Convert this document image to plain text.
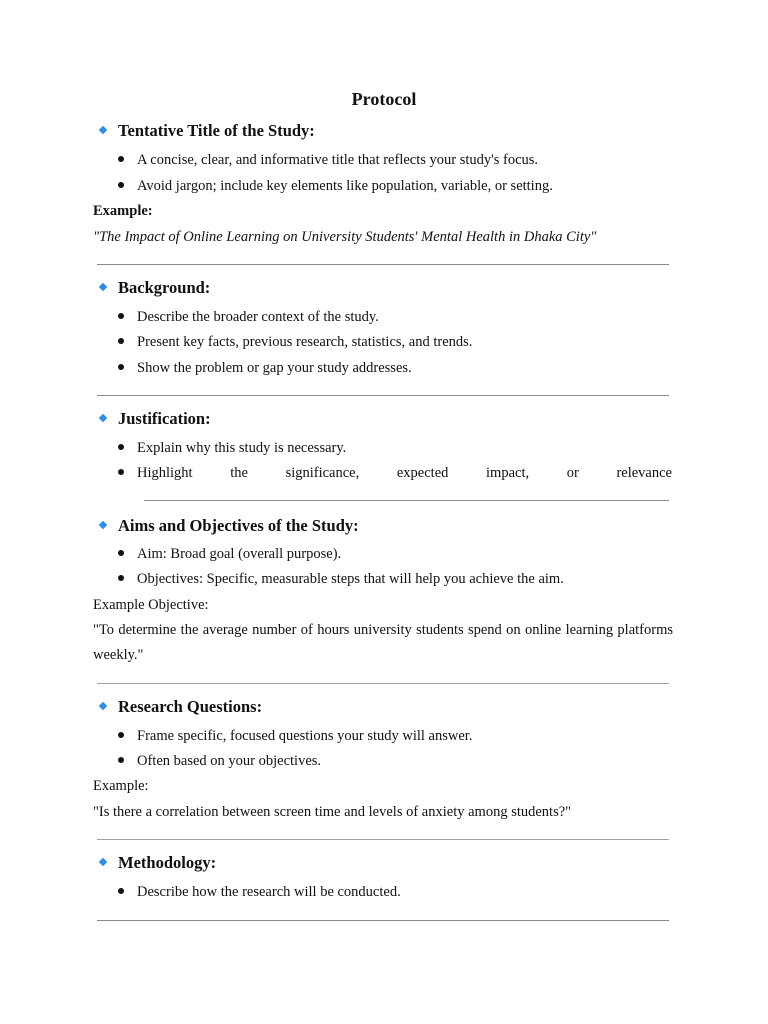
Protocol
Tentative Title of the Study:
A concise, clear, and informative title that reflects your study's focus.
Avoid jargon; include key elements like population, variable, or setting.
Example:
"The Impact of Online Learning on University Students' Mental Health in Dhaka City"
Background:
Describe the broader context of the study.
Present key facts, previous research, statistics, and trends.
Show the problem or gap your study addresses.
Justification:
Explain why this study is necessary.
Highlight the significance, expected impact, or relevance
Aims and Objectives of the Study:
Aim: Broad goal (overall purpose).
Objectives: Specific, measurable steps that will help you achieve the aim.
Example Objective:
"To determine the average number of hours university students spend on online learning platforms weekly."
Research Questions:
Frame specific, focused questions your study will answer.
Often based on your objectives.
Example:
"Is there a correlation between screen time and levels of anxiety among students?"
Methodology:
Describe how the research will be conducted.
